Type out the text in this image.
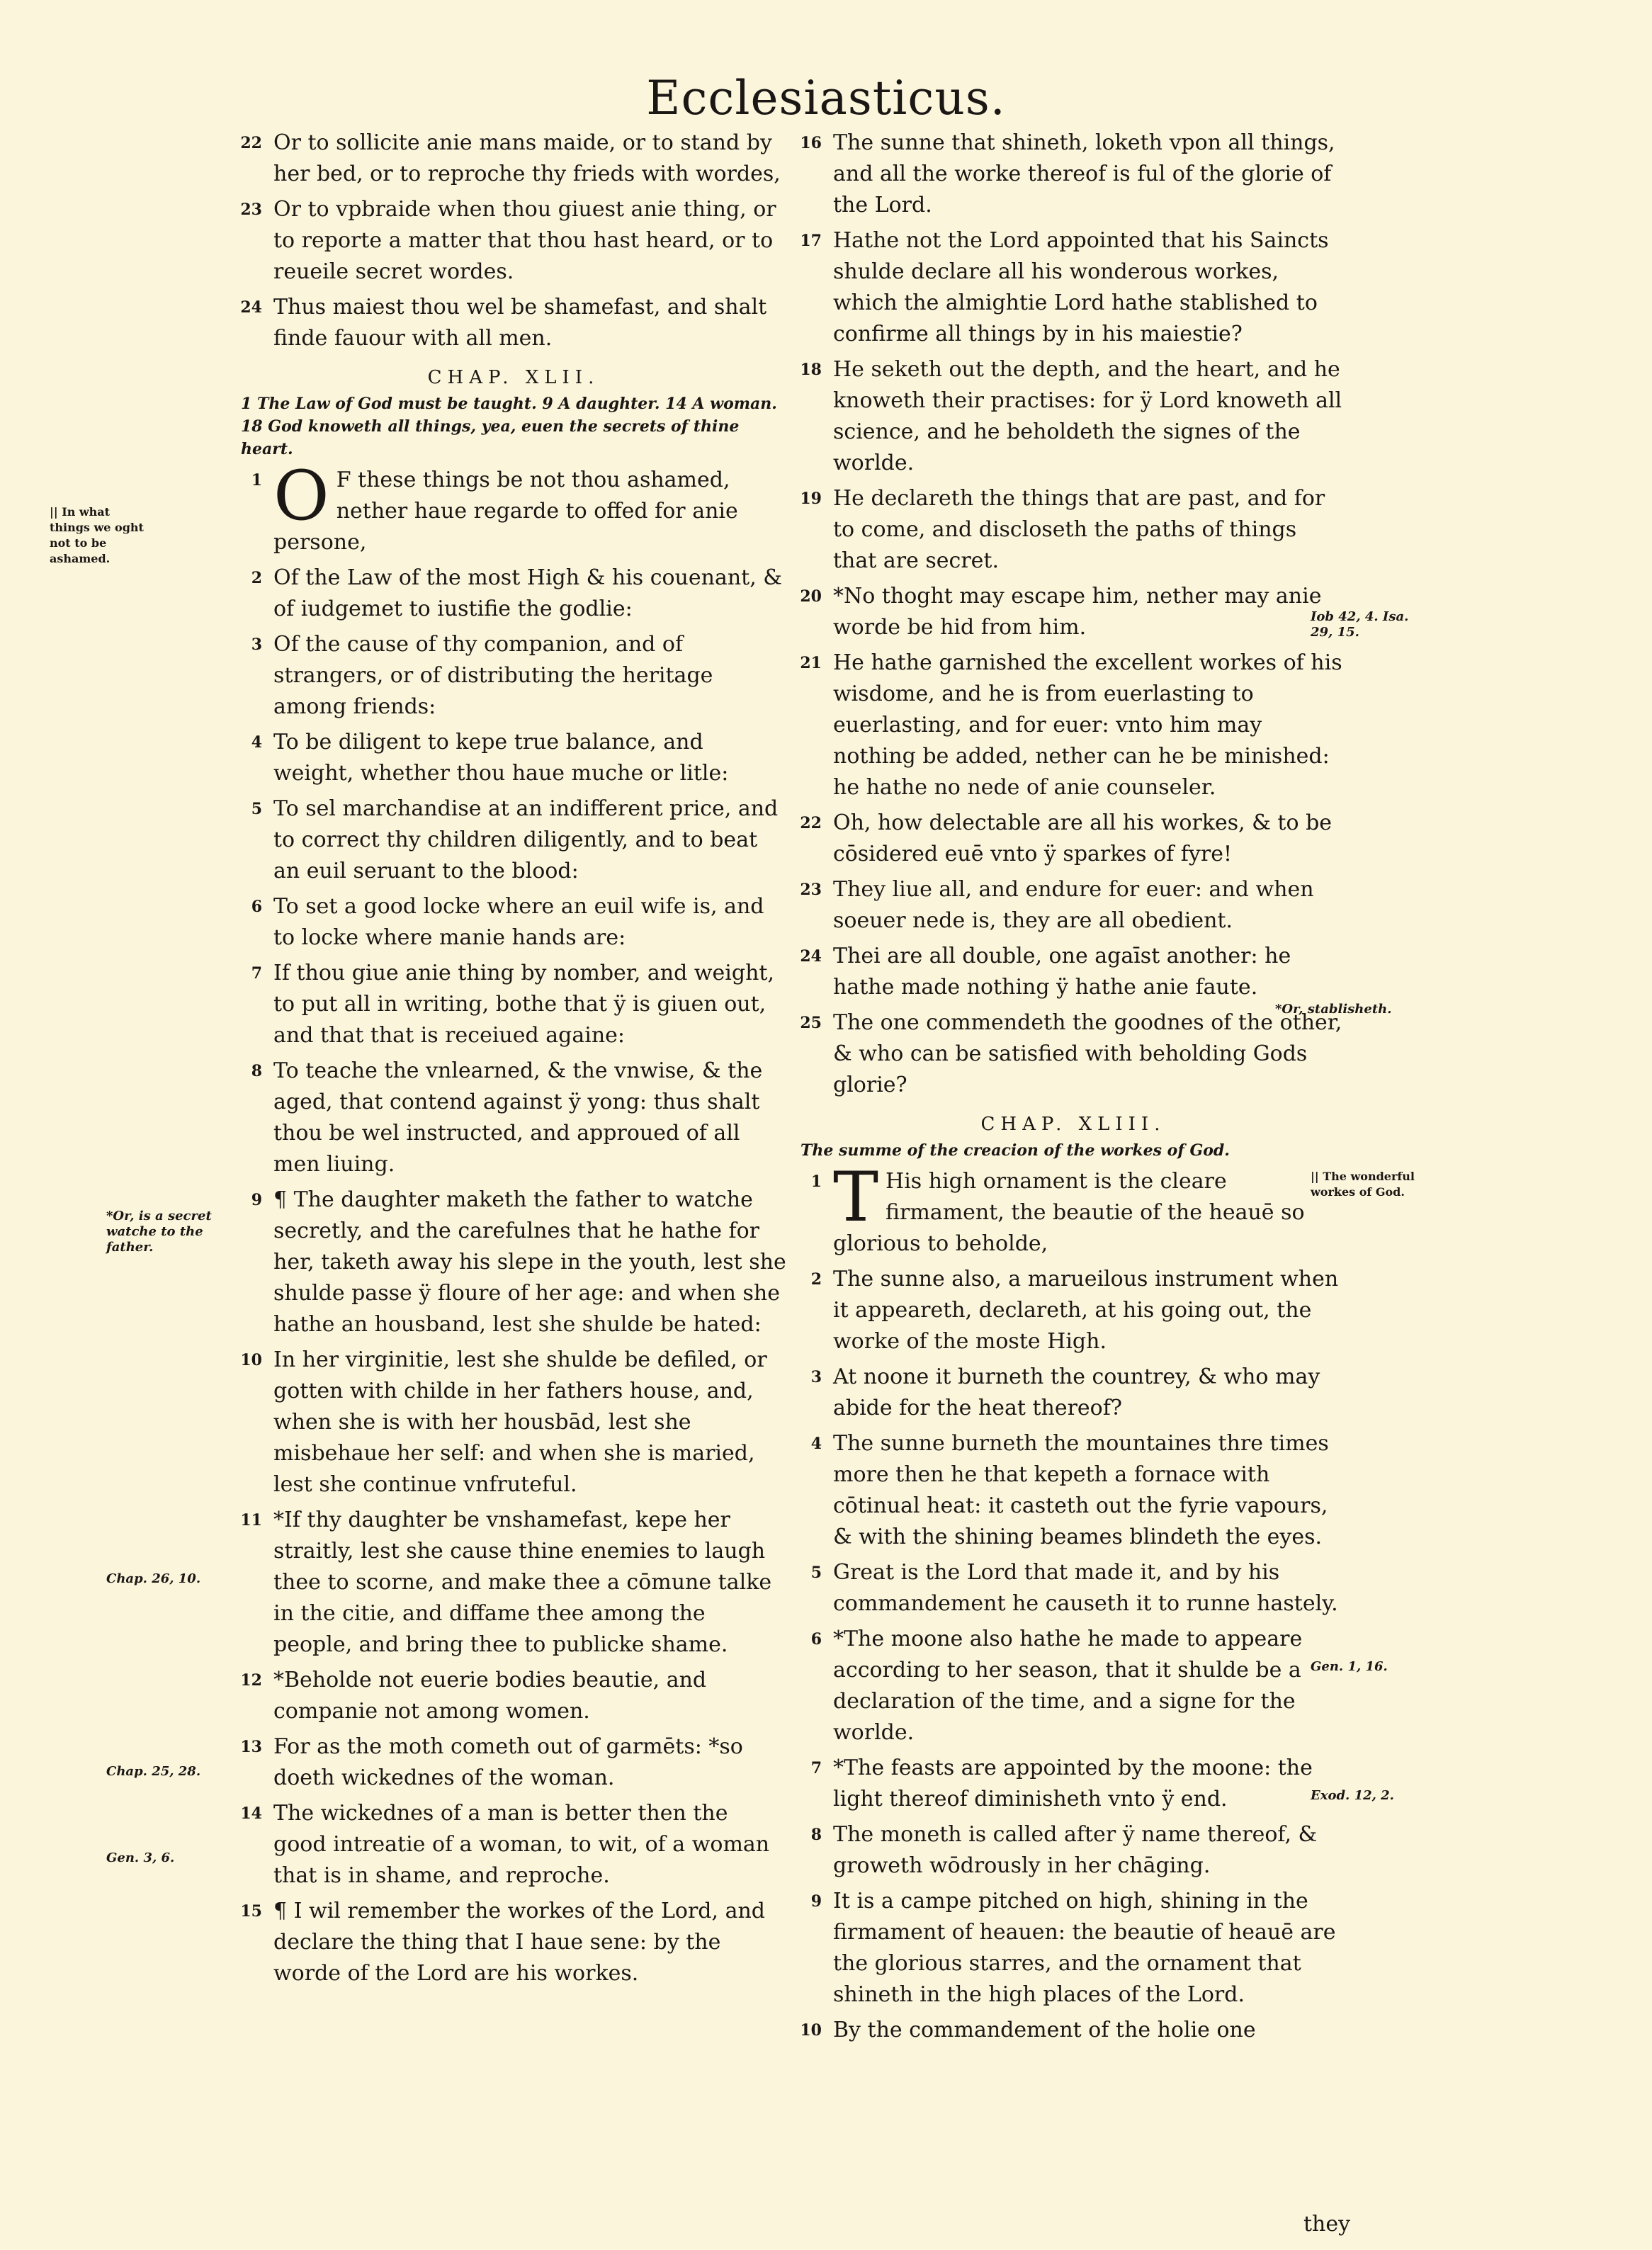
Ecclesiasticus.
22 Or to sollicite anie mans maide, or to stand by her bed, or to reproche thy frieds with wordes,
23 Or to vpbraide when thou giuest anie thing, or to reporte a matter that thou hast heard, or to reueile secret wordes.
24 Thus maiest thou wel be shamefast, and shalt finde fauour with all men.
CHAP. XLII.
1 The Law of God must be taught. 9 A daughter. 14 A woman. 18 God knoweth all things, yea, euen the secrets of thine heart.
1 O F these things be not thou ashamed, nether haue regarde to offed for anie persone,
2 Of the Law of the most High & his couenant, & of iudgemet to iustifie the godlie:
3 Of the cause of thy companion, and of strangers, or of distributing the heritage among friends:
4 To be diligent to kepe true balance, and weight, whether thou haue muche or litle:
5 To sel marchandise at an indifferent price, and to correct thy children diligently, and to beat an euil seruant to the blood:
6 To set a good locke where an euil wife is, and to locke where manie hands are:
7 If thou giue anie thing by nomber, and weight, to put all in writing, bothe that ÿ is giuen out, and that that is receiued againe:
8 To teache the vnlearned, & the vnwise, & the aged, that contend against ÿ yong: thus shalt thou be wel instructed, and approued of all men liuing.
9 ¶ The daughter maketh the father to watche secretly, and the carefulnes that he hathe for her, taketh away his slepe in the youth, lest she shulde passe ÿ floure of her age: and when she hathe an housband, lest she shulde be hated:
10 In her virginitie, lest she shulde be defiled, or gotten with childe in her fathers house, and, when she is with her housbād, lest she misbehaue her self: and when she is maried, lest she continue vnfruteful.
11 *If thy daughter be vnshamefast, kepe her straitly, lest she cause thine enemies to laugh thee to scorne, and make thee a cōmune talke in the citie, and diffame thee among the people, and bring thee to publicke shame.
12 *Beholde not euerie bodies beautie, and companie not among women.
13 For as the moth cometh out of garmēts: *so doeth wickednes of the woman.
14 The wickednes of a man is better then the good intreatie of a woman, to wit, of a woman that is in shame, and reproche.
15 ¶ I wil remember the workes of the Lord, and declare the thing that I haue sene: by the worde of the Lord are his workes.
16 The sunne that shineth, loketh vpon all things, and all the worke thereof is ful of the glorie of the Lord.
17 Hathe not the Lord appointed that his Saincts shulde declare all his wonderous workes, which the almightie Lord hathe stablished to confirme all things by in his maiestie?
18 He seketh out the depth, and the heart, and he knoweth their practises: for ÿ Lord knoweth all science, and he beholdeth the signes of the worlde.
19 He declareth the things that are past, and for to come, and discloseth the paths of things that are secret.
20 *No thoght may escape him, nether may anie worde be hid from him.
21 He hathe garnished the excellent workes of his wisdome, and he is from euerlasting to euerlasting, and for euer: vnto him may nothing be added, nether can he be minished: he hathe no nede of anie counseler.
22 Oh, how delectable are all his workes, & to be cōsidered euē vnto ÿ sparkes of fyre!
23 They liue all, and endure for euer: and when soeuer nede is, they are all obedient.
24 Thei are all double, one agaīst another: he hathe made nothing ÿ hathe anie faute.
25 The one commendeth the goodnes of the other, & who can be satisfied with beholding Gods glorie?
CHAP. XLIII.
The summe of the creacion of the workes of God.
1 T His high ornament is the cleare firmament, the beautie of the heauē so glorious to beholde,
2 The sunne also, a marueilous instrument when it appeareth, declareth, at his going out, the worke of the moste High.
3 At noone it burneth the countrey, & who may abide for the heat thereof?
4 The sunne burneth the mountaines thre times more then he that kepeth a fornace with cōtinual heat: it casteth out the fyrie vapours, & with the shining beames blindeth the eyes.
5 Great is the Lord that made it, and by his commandement he causeth it to runne hastely.
6 *The moone also hathe he made to appeare according to her season, that it shulde be a declaration of the time, and a signe for the worlde.
7 *The feasts are appointed by the moone: the light thereof diminisheth vnto ÿ end.
8 The moneth is called after ÿ name thereof, & groweth wōdrously in her chāging.
9 It is a campe pitched on high, shining in the firmament of heauen: the beautie of heauē are the glorious starres, and the ornament that shineth in the high places of the Lord.
10 By the commandement of the holie one
they
|| In what things we oght not to be ashamed.
*Or, is a secret watche to the father.
Chap. 26, 10.
Chap. 25, 28.
Gen. 3, 6.
Iob 42, 4. Isa. 29, 15.
*Or, stablisheth.
|| The wonderful workes of God.
Gen. 1, 16.
Exod. 12, 2.
